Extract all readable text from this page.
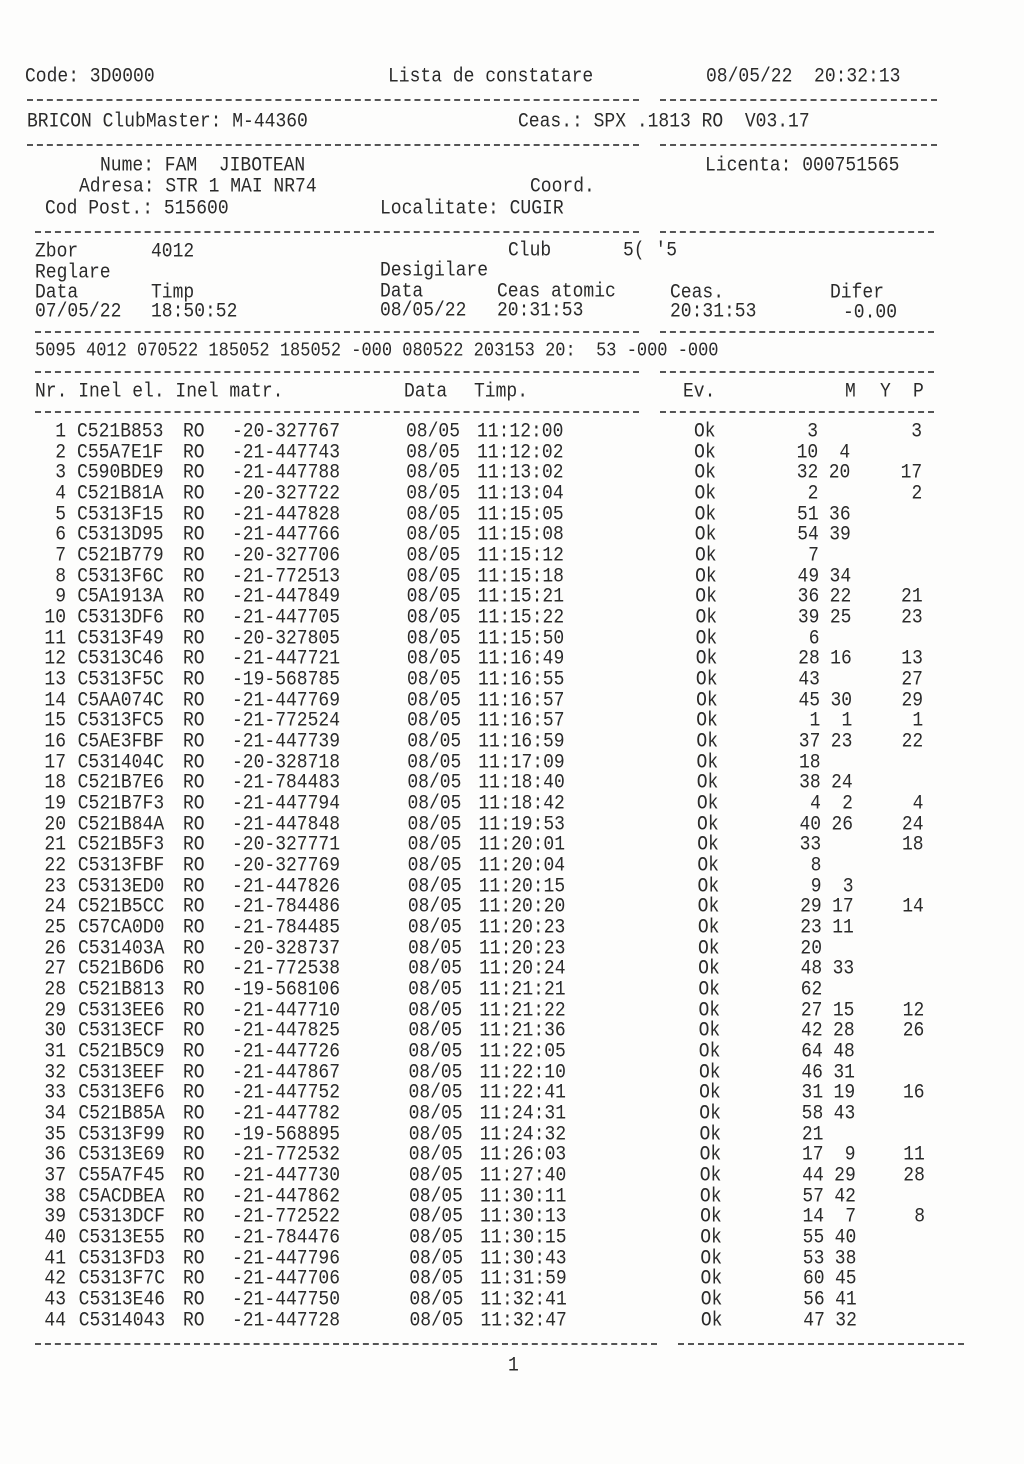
Code: 3D0000	Lista de constatare	08/05/22  20:32:13
BRICON ClubMaster: M-44360	Ceas.: SPX .1813 RO  V03.17
Nume: FAM  JIBOTEAN	Licenta: 000751565
Adresa: STR 1 MAI NR74	Coord.
Cod Post.: 515600	Localitate: CUGIR
Zbor	4012	Club	5( '5
Reglare	Desigilare
Data	Timp	Data	Ceas atomic	Ceas.	Difer
07/05/22 18:50:52	08/05/22 20:31:53	20:31:53	-0.00
5095 4012 070522 185052 185052 -000 080522 203153 20:  53 -000 -000
Nr. Inel el. Inel matr.	Data Timp.	Ev.	M Y P
1 C521B853 RO -20-327767	08/05 11:12:00	Ok	3	3
2 C55A7E1F RO -21-447743	08/05 11:12:02	Ok	10 4
3 C590BDE9 RO -21-447788	08/05 11:13:02	Ok	32 20	17
4 C521B81A RO -20-327722	08/05 11:13:04	Ok	2	2
5 C5313F15 RO -21-447828	08/05 11:15:05	Ok	51 36
6 C5313D95 RO -21-447766	08/05 11:15:08	Ok	54 39
7 C521B779 RO -20-327706	08/05 11:15:12	Ok	7
8 C5313F6C RO -21-772513	08/05 11:15:18	Ok	49 34
9 C5A1913A RO -21-447849	08/05 11:15:21	Ok	36 22	21
10 C5313DF6 RO -21-447705	08/05 11:15:22	Ok	39 25	23
11 C5313F49 RO -20-327805	08/05 11:15:50	Ok	6
12 C5313C46 RO -21-447721	08/05 11:16:49	Ok	28 16	13
13 C5313F5C RO -19-568785	08/05 11:16:55	Ok	43	27
14 C5AA074C RO -21-447769	08/05 11:16:57	Ok	45 30	29
15 C5313FC5 RO -21-772524	08/05 11:16:57	Ok	1 1	1
16 C5AE3FBF RO -21-447739	08/05 11:16:59	Ok	37 23	22
17 C531404C RO -20-328718	08/05 11:17:09	Ok	18
18 C521B7E6 RO -21-784483	08/05 11:18:40	Ok	38 24
19 C521B7F3 RO -21-447794	08/05 11:18:42	Ok	4 2	4
20 C521B84A RO -21-447848	08/05 11:19:53	Ok	40 26	24
21 C521B5F3 RO -20-327771	08/05 11:20:01	Ok	33	18
22 C5313FBF RO -20-327769	08/05 11:20:04	Ok	8
23 C5313ED0 RO -21-447826	08/05 11:20:15	Ok	9 3
24 C521B5CC RO -21-784486	08/05 11:20:20	Ok	29 17	14
25 C57CA0D0 RO -21-784485	08/05 11:20:23	Ok	23 11
26 C531403A RO -20-328737	08/05 11:20:23	Ok	20
27 C521B6D6 RO -21-772538	08/05 11:20:24	Ok	48 33
28 C521B813 RO -19-568106	08/05 11:21:21	Ok	62
29 C5313EE6 RO -21-447710	08/05 11:21:22	Ok	27 15	12
30 C5313ECF RO -21-447825	08/05 11:21:36	Ok	42 28	26
31 C521B5C9 RO -21-447726	08/05 11:22:05	Ok	64 48
32 C5313EEF RO -21-447867	08/05 11:22:10	Ok	46 31
33 C5313EF6 RO -21-447752	08/05 11:22:41	Ok	31 19	16
34 C521B85A RO -21-447782	08/05 11:24:31	Ok	58 43
35 C5313F99 RO -19-568895	08/05 11:24:32	Ok	21
36 C5313E69 RO -21-772532	08/05 11:26:03	Ok	17 9	11
37 C55A7F45 RO -21-447730	08/05 11:27:40	Ok	44 29	28
38 C5ACDBEA RO -21-447862	08/05 11:30:11	Ok	57 42
39 C5313DCF RO -21-772522	08/05 11:30:13	Ok	14 7	8
40 C5313E55 RO -21-784476	08/05 11:30:15	Ok	55 40
41 C5313FD3 RO -21-447796	08/05 11:30:43	Ok	53 38
42 C5313F7C RO -21-447706	08/05 11:31:59	Ok	60 45
43 C5313E46 RO -21-447750	08/05 11:32:41	Ok	56 41
44 C5314043 RO -21-447728	08/05 11:32:47	Ok	47 32
1
